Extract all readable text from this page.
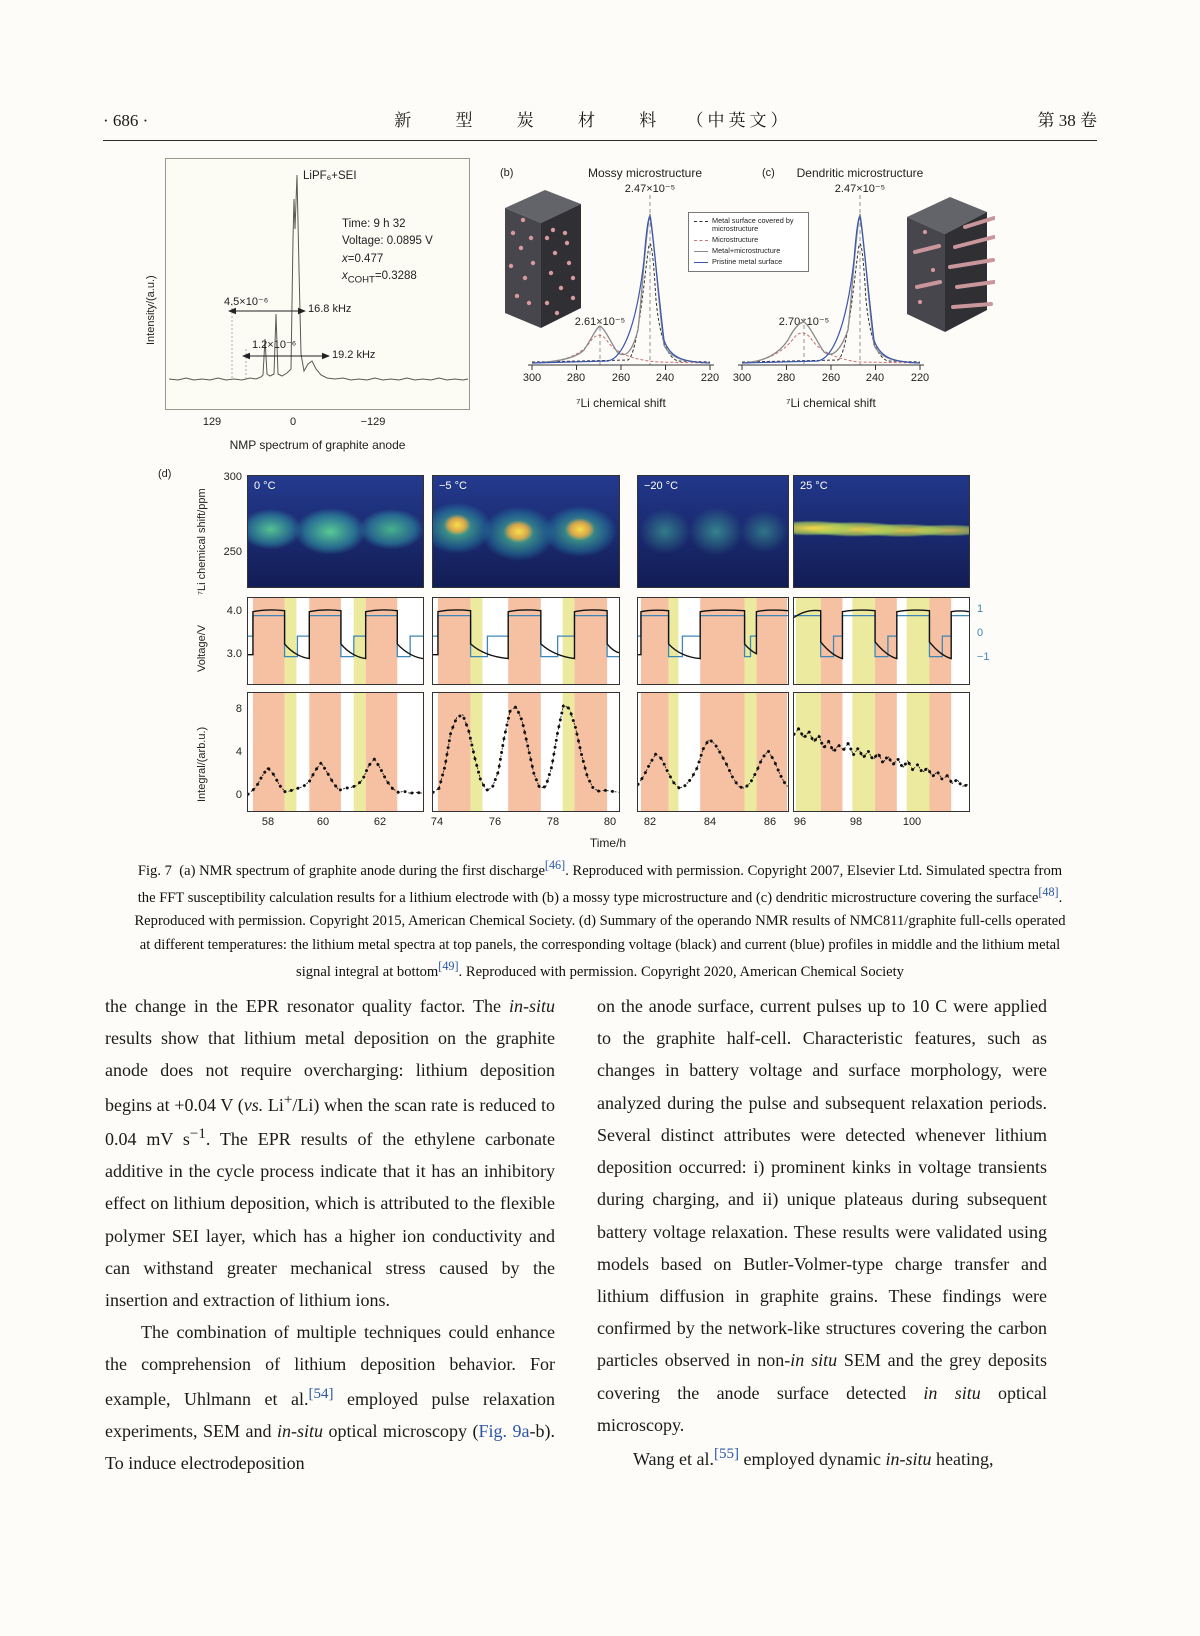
· 686 ·	新 型 炭 材 料 （中英文）	第 38 卷
Intensity/(a.u.)
LiPF₆+SEI
Time: 9 h 32
Voltage: 0.0895 V
x=0.477
$x_{COHT}=0.3288$
4.5×10⁻⁶
16.8 kHz
1.2×10⁻⁶
19.2 kHz
129	0	−129
NMP spectrum of graphite anode
(b)	Mossy microstructure
2.47×10⁻⁵
2.61×10⁻⁵
300 280 260 240 220
⁷Li chemical shift
Metal surface covered by microstructure
Microstructure
Metal+microstructure
Pristine metal surface
(c)	Dendritic microstructure
2.47×10⁻⁵
2.70×10⁻⁵
300 280 260 240 220
⁷Li chemical shift
(d)
⁷Li chemical shift/ppm
Voltage/V
Integral/(arb.u.)
300
250
4.0
3.0
8
4
0
1
0
−1
0 °C
58	60	62
−5 °C
74	76	78	80
−20 °C
82	84	86
25 °C
96	98	100
Time/h
Fig. 7  (a) NMR spectrum of graphite anode during the first discharge[46]. Reproduced with permission. Copyright 2007, Elsevier Ltd. Simulated spectra from
the FFT susceptibility calculation results for a lithium electrode with (b) a mossy type microstructure and (c) dendritic microstructure covering the surface[48].
Reproduced with permission. Copyright 2015, American Chemical Society. (d) Summary of the operando NMR results of NMC811/graphite full-cells operated
at different temperatures: the lithium metal spectra at top panels, the corresponding voltage (black) and current (blue) profiles in middle and the lithium metal
signal integral at bottom[49]. Reproduced with permission. Copyright 2020, American Chemical Society

the change in the EPR resonator quality factor. The in-situ results show that lithium metal deposition on the graphite anode does not require overcharging: lithium deposition begins at +0.04 V (vs. Li+/Li) when the scan rate is reduced to 0.04 mV $s^{-1}$. The EPR results of the ethylene carbonate additive in the cycle process indicate that it has an inhibitory effect on lithium deposition, which is attributed to the flexible polymer SEI layer, which has a higher ion conductivity and can withstand greater mechanical stress caused by the insertion and extraction of lithium ions.

The combination of multiple techniques could enhance the comprehension of lithium deposition behavior. For example, Uhlmann et al.[54] employed pulse relaxation experiments, SEM and in-situ optical microscopy (Fig. 9a-b). To induce electrodeposition

on the anode surface, current pulses up to 10 C were applied to the graphite half-cell. Characteristic features, such as changes in battery voltage and surface morphology, were analyzed during the pulse and subsequent relaxation periods. Several distinct attributes were detected whenever lithium deposition occurred: i) prominent kinks in voltage transients during charging, and ii) unique plateaus during subsequent battery voltage relaxation. These results were validated using models based on Butler-Volmer-type charge transfer and lithium diffusion in graphite grains. These findings were confirmed by the network-like structures covering the carbon particles observed in non-in situ SEM and the grey deposits covering the anode surface detected in situ optical microscopy.

Wang et al.[55] employed dynamic in-situ heating,
